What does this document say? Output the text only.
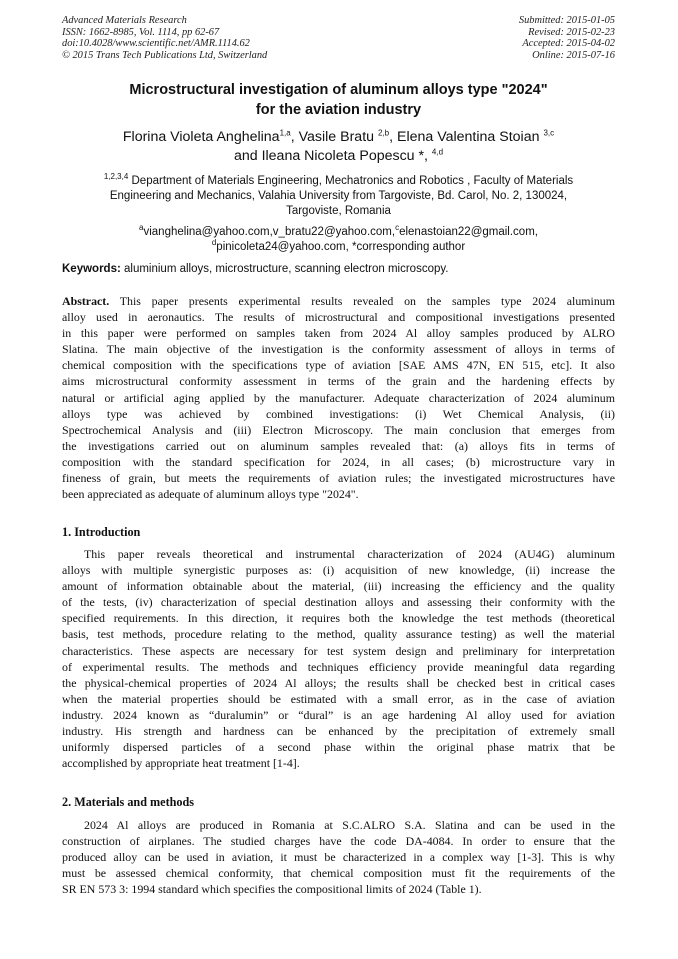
Advanced Materials Research
ISSN: 1662-8985, Vol. 1114, pp 62-67
doi:10.4028/www.scientific.net/AMR.1114.62
© 2015 Trans Tech Publications Ltd, Switzerland
Submitted: 2015-01-05
Revised: 2015-02-23
Accepted: 2015-04-02
Online: 2015-07-16
Microstructural investigation of aluminum alloys type "2024"
for the aviation industry
Florina Violeta Anghelina$^{1,a}$, Vasile Bratu $^{2,b}$, Elena Valentina Stoian $^{3,c}$
and Ileana Nicoleta Popescu *, $^{4,d}$
$^{1,2,3,4}$ Department of Materials Engineering, Mechatronics and Robotics , Faculty of Materials
Engineering and Mechanics, Valahia University from Targoviste, Bd. Carol, No. 2, 130024,
Targoviste, Romania
$^a$vianghelina@yahoo.com,v_bratu22@yahoo.com,$^c$elenastoian22@gmail.com,
$^d$pinicoleta24@yahoo.com, *corresponding author
Keywords: aluminium alloys, microstructure, scanning electron microscopy.
Abstract. This paper presents experimental results revealed on the samples type 2024 aluminum
alloy used in aeronautics. The results of microstructural and compositional investigations presented
in this paper were performed on samples taken from 2024 Al alloy samples produced by ALRO
Slatina. The main objective of the investigation is the conformity assessment of alloys in terms of
chemical composition with the specifications type of aviation [SAE AMS 47N, EN 515, etc]. It also
aims microstructural conformity assessment in terms of the grain and the hardening effects by
natural or artificial aging applied by the manufacturer. Adequate characterization of 2024 aluminum
alloys type was achieved by combined investigations: (i) Wet Chemical Analysis, (ii)
Spectrochemical Analysis and (iii) Electron Microscopy. The main conclusion that emerges from
the investigations carried out on aluminum samples revealed that: (a) alloys fits in terms of
composition with the standard specification for 2024, in all cases; (b) microstructure vary in
fineness of grain, but meets the requirements of aviation rules; the investigated microstructures have
been appreciated as adequate of aluminum alloys type "2024".
1. Introduction
This paper reveals theoretical and instrumental characterization of 2024 (AU4G) aluminum
alloys with multiple synergistic purposes as: (i) acquisition of new knowledge, (ii) increase the
amount of information obtainable about the material, (iii) increasing the efficiency and the quality
of the tests, (iv) characterization of special destination alloys and assessing their conformity with the
specified requirements. In this direction, it requires both the knowledge the test methods (theoretical
basis, test methods, procedure relating to the method, quality assurance testing) as well the material
characteristics. These aspects are necessary for test system design and preliminary for interpretation
of experimental results. The methods and techniques efficiency provide meaningful data regarding
the physical-chemical properties of 2024 Al alloys; the results shall be checked best in critical cases
when the material properties should be estimated with a small error, as in the case of aviation
industry. 2024 known as “duralumin” or “dural” is an age hardening Al alloy used for aviation
industry. His strength and hardness can be enhanced by the precipitation of extremely small
uniformly dispersed particles of a second phase within the original phase matrix that be
accomplished by appropriate heat treatment [1-4].
2. Materials and methods
2024 Al alloys are produced in Romania at S.C.ALRO S.A. Slatina and can be used in the
construction of airplanes. The studied charges have the code DA-4084. In order to ensure that the
produced alloy can be used in aviation, it must be characterized in a complex way [1-3]. This is why
must be assessed chemical conformity, that chemical composition must fit the requirements of the
SR EN 573 3: 1994 standard which specifies the compositional limits of 2024 (Table 1).
